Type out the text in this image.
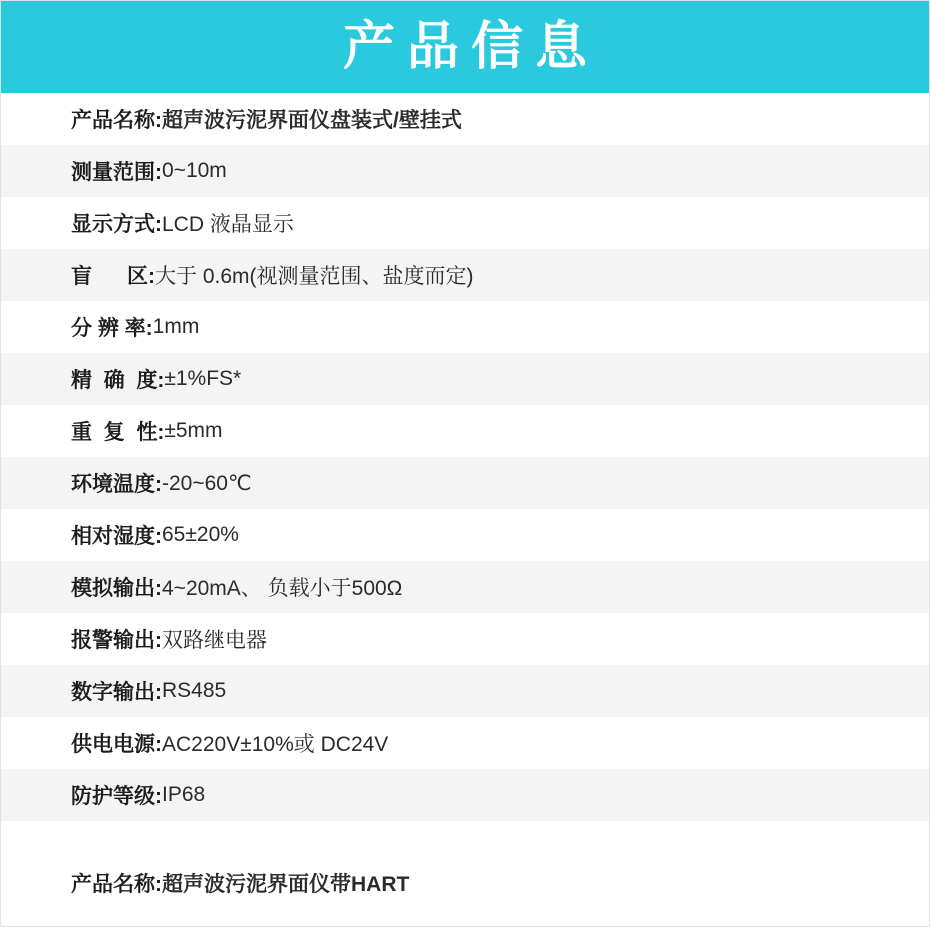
产品信息
产品名称: 超声波污泥界面仪盘装式/壁挂式
测量范围: 0~10m
显示方式: LCD 液晶显示
盲      区: 大于 0.6m(视测量范围、盐度而定)
分 辨 率: 1mm
精  确  度: ±1%FS*
重  复  性: ±5mm
环境温度: -20~60℃
相对湿度: 65±20%
模拟输出: 4~20mA、 负载小于500Ω
报警输出: 双路继电器
数字输出: RS485
供电电源: AC220V±10%或 DC24V
防护等级: IP68
产品名称: 超声波污泥界面仪带HART
